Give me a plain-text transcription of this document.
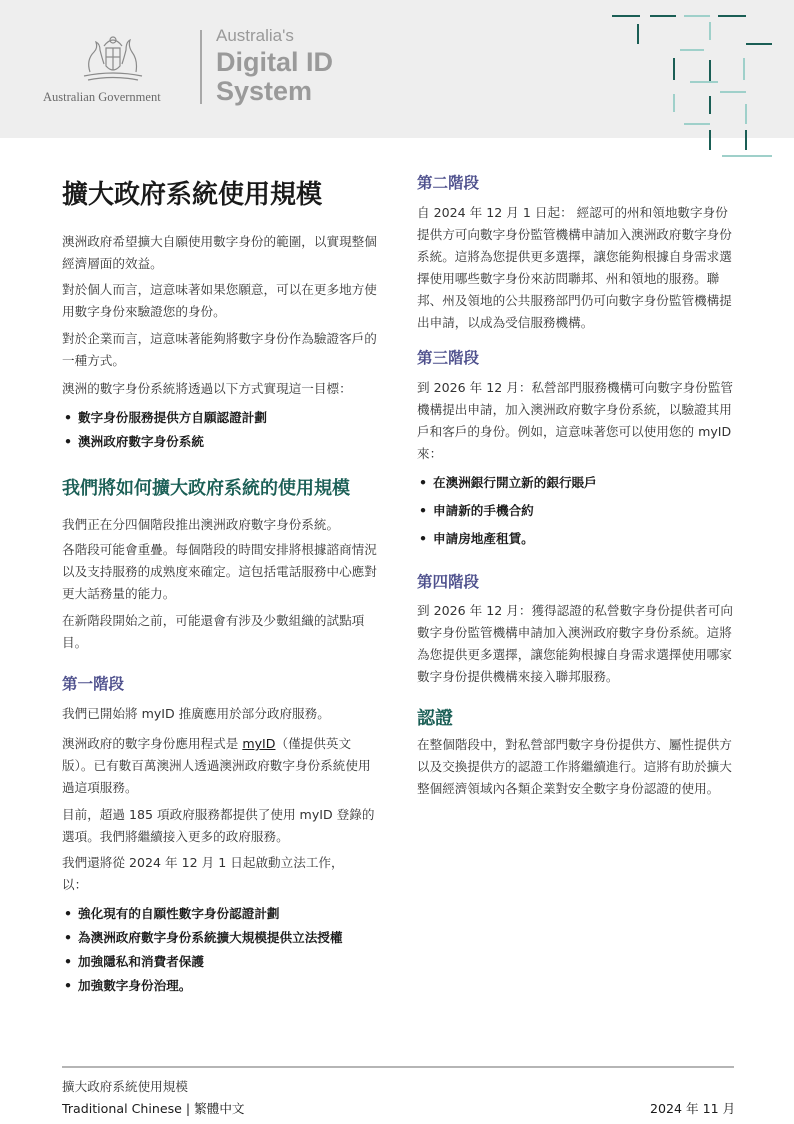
Australian Government
Australia's
Digital ID
System
擴大政府系統使用規模

澳洲政府希望擴大自願使用數字身份的範圍，以實現整個經濟層面的效益。

對於個人而言，這意味著如果您願意，可以在更多地方使用數字身份來驗證您的身份。

對於企業而言，這意味著能夠將數字身份作為驗證客戶的一種方式。

澳洲的數字身份系統將透過以下方式實現這一目標：

• 數字身份服務提供方自願認證計劃
• 澳洲政府數字身份系統
我們將如何擴大政府系統的使用規模

我們正在分四個階段推出澳洲政府數字身份系統。

各階段可能會重疊。每個階段的時間安排將根據諮商情況以及支持服務的成熟度來確定。這包括電話服務中心應對更大話務量的能力。

在新階段開始之前，可能還會有涉及少數組織的試點項目。

第一階段

我們已開始將 myID 推廣應用於部分政府服務。

澳洲政府的數字身份應用程式是 myID（僅提供英文版）。已有數百萬澳洲人透過澳洲政府數字身份系統使用過這項服務。

目前，超過 185 項政府服務都提供了使用 myID 登錄的選項。我們將繼續接入更多的政府服務。

我們還將從 2024 年 12 月 1 日起啟動立法工作，以：

• 強化現有的自願性數字身份認證計劃
• 為澳洲政府數字身份系統擴大規模提供立法授權
• 加強隱私和消費者保護
• 加強數字身份治理。
第二階段

自 2024 年 12 月 1 日起： 經認可的州和領地數字身份提供方可向數字身份監管機構申請加入澳洲政府數字身份系統。這將為您提供更多選擇，讓您能夠根據自身需求選擇使用哪些數字身份來訪問聯邦、州和領地的服務。聯邦、州及領地的公共服務部門仍可向數字身份監管機構提出申請，以成為受信服務機構。

第三階段

到 2026 年 12 月：私營部門服務機構可向數字身份監管機構提出申請，加入澳洲政府數字身份系統，以驗證其用戶和客戶的身份。例如，這意味著您可以使用您的 myID 來：

• 在澳洲銀行開立新的銀行賬戶
• 申請新的手機合約
• 申請房地產租賃。
第四階段

到 2026 年 12 月：獲得認證的私營數字身份提供者可向數字身份監管機構申請加入澳洲政府數字身份系統。這將為您提供更多選擇，讓您能夠根據自身需求選擇使用哪家數字身份提供機構來接入聯邦服務。

認證

在整個階段中，對私營部門數字身份提供方、屬性提供方以及交換提供方的認證工作將繼續進行。這將有助於擴大整個經濟領域內各類企業對安全數字身份認證的使用。

擴大政府系統使用規模
Traditional Chinese | 繁體中文	2024 年 11 月
